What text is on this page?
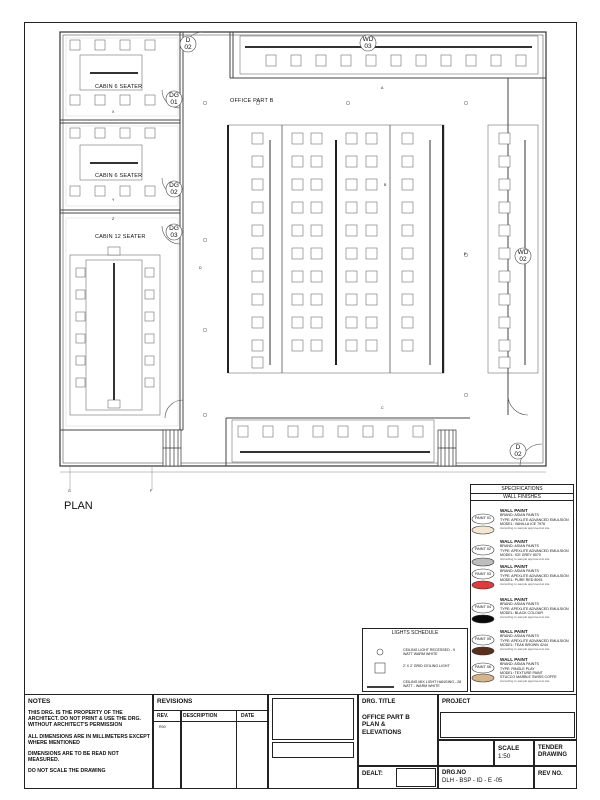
CABIN 6 SEATER
CABIN 6 SEATER
CABIN 12 SEATER
OFFICE PART B
PLAN
D
02
DG
01
DG
02
DG
03
WD
03
WD
02
D
02
A
B
C
D
E
X
Y
Z
G	F	SPECIFICATIONS
WALL FINISHES
PAINT 01
WALL PAINT
BRAND: ASIAN PAINTS
TYPE: APEXLITE ADVANCED EMULSION
MODEL: VANILLA ICE 7976
According to sample approved at site
PAINT 02
WALL PAINT
BRAND: ASIAN PAINTS
TYPE: APEXLITE ADVANCED EMULSION
MODEL: ICE GREY 8070
According to sample approved at site
PAINT 03
WALL PAINT
BRAND: ASIAN PAINTS
TYPE: APEXLITE ADVANCED EMULSION
MODEL: PURE RED 8093
According to sample approved at site
PAINT 04
WALL PAINT
BRAND: ASIAN PAINTS
TYPE: APEXLITE ADVANCED EMULSION
MODEL: BLACK COLOUR
According to sample approved at site
PAINT 05
WALL PAINT
BRAND: ASIAN PAINTS
TYPE: APEXLITE ADVANCED EMULSION
MODEL: TEAK BROWN 4244
According to sample approved at site
PAINT 06
WALL PAINT
BRAND: ASIAN PAINTS
TYPE: RINGLE PLAY
MODEL: TEXTURE PAINT
STUCCO MARBLE SWISS COFFE
According to sample approved at site
LIGHTS SCHEDULE
CEILING LIGHT RECESSED - 9 WATT WARM WHITE
2' X 2' GRID CEILING LIGHT
CEILING MIX LIGHT HANGING - 28 WATT - WARM WHITE
NOTES

THIS DRG. IS THE PROPERTY OF THE ARCHITECT. DO NOT PRINT & USE THE DRG. WITHOUT ARCHITECT'S PERMISSION

ALL DIMENSIONS ARE IN MILLIMETERS EXCEPT WHERE MENTIONED

DIMENSIONS ARE TO BE READ NOT MEASURED.

DO NOT SCALE THE DRAWING

REVISIONS
REV.	DESCRIPTION	DATE
R00
DRG. TITLE
OFFICE PART B
PLAN &
ELEVATIONS
PROJECT
SCALE
1:50
TENDER
DRAWING
DEALT:	DRG.NO
DLH - BSP - ID - E -05
REV NO.
